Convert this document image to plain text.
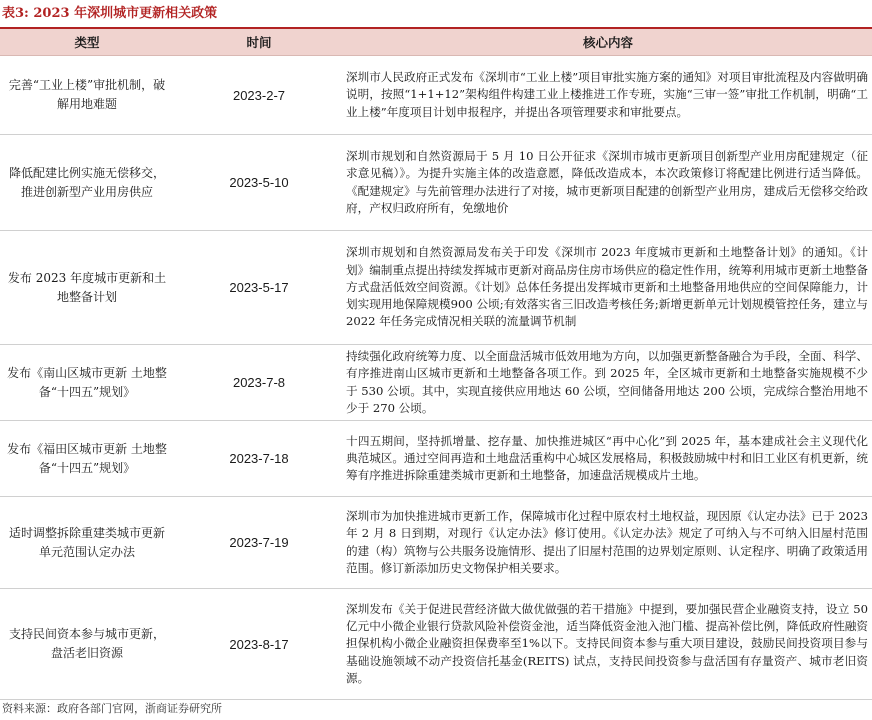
表3: 2023 年深圳城市更新相关政策
类型	时间	核心内容
完善“工业上楼”审批机制，破解用地难题	2023-2-7	深圳市人民政府正式发布《深圳市“工业上楼”项目审批实施方案的通知》对项目审批流程及内容做明确说明，按照“1+1+12”架构组件构建工业上楼推进工作专班，实施“三审一签”审批工作机制，明确“工业上楼”年度项目计划申报程序，并提出各项管理要求和审批要点。
降低配建比例实施无偿移交，推进创新型产业用房供应	2023-5-10	深圳市规划和自然资源局于 5 月 10 日公开征求《深圳市城市更新项目创新型产业用房配建规定（征求意见稿）》。为提升实施主体的改造意愿，降低改造成本，本次政策修订将配建比例进行适当降低。《配建规定》与先前管理办法进行了对接，城市更新项目配建的创新型产业用房，建成后无偿移交给政府，产权归政府所有，免缴地价
发布 2023 年度城市更新和土地整备计划	2023-5-17	深圳市规划和自然资源局发布关于印发《深圳市 2023 年度城市更新和土地整备计划》的通知。《计划》编制重点提出持续发挥城市更新对商品房住房市场供应的稳定性作用，统筹利用城市更新土地整备方式盘活低效空间资源。《计划》总体任务提出发挥城市更新和土地整备用地供应的空间保障能力，计划实现用地保障规模900 公顷;有效落实省三旧改造考核任务;新增更新单元计划规模管控任务，建立与 2022 年任务完成情况相关联的流量调节机制
发布《南山区城市更新 土地整备“十四五”规划》	2023-7-8	持续强化政府统筹力度、以全面盘活城市低效用地为方向，以加强更新整备融合为手段，全面、科学、有序推进南山区城市更新和土地整备各项工作。到 2025 年，全区城市更新和土地整备实施规模不少于 530 公顷。其中，实现直接供应用地达 60 公顷，空间储备用地达 200 公顷，完成综合整治用地不少于 270 公顷。
发布《福田区城市更新 土地整备“十四五”规划》	2023-7-18	十四五期间，坚持抓增量、挖存量、加快推进城区“再中心化”到 2025 年，基本建成社会主义现代化典范城区。通过空间再造和土地盘活重构中心城区发展格局，积极鼓励城中村和旧工业区有机更新，统筹有序推进拆除重建类城市更新和土地整备，加速盘活规模成片土地。
适时调整拆除重建类城市更新单元范围认定办法	2023-7-19	深圳市为加快推进城市更新工作，保障城市化过程中原农村土地权益，现因原《认定办法》已于 2023 年 2 月 8 日到期，对现行《认定办法》修订使用。《认定办法》规定了可纳入与不可纳入旧屋村范围的建（构）筑物与公共服务设施情形、提出了旧屋村范围的边界划定原则、认定程序、明确了政策适用范围。修订新添加历史文物保护相关要求。
支持民间资本参与城市更新，盘活老旧资源	2023-8-17	深圳发布《关于促进民营经济做大做优做强的若干措施》中提到，要加强民营企业融资支持，设立 50 亿元中小微企业银行贷款风险补偿资金池，适当降低资金池入池门槛、提高补偿比例，降低政府性融资担保机构小微企业融资担保费率至1%以下。支持民间资本参与重大项目建设，鼓励民间投资项目参与基础设施领域不动产投资信托基金(REITS) 试点，支持民间投资参与盘活国有存量资产、城市老旧资源。
资料来源：政府各部门官网，浙商证券研究所
